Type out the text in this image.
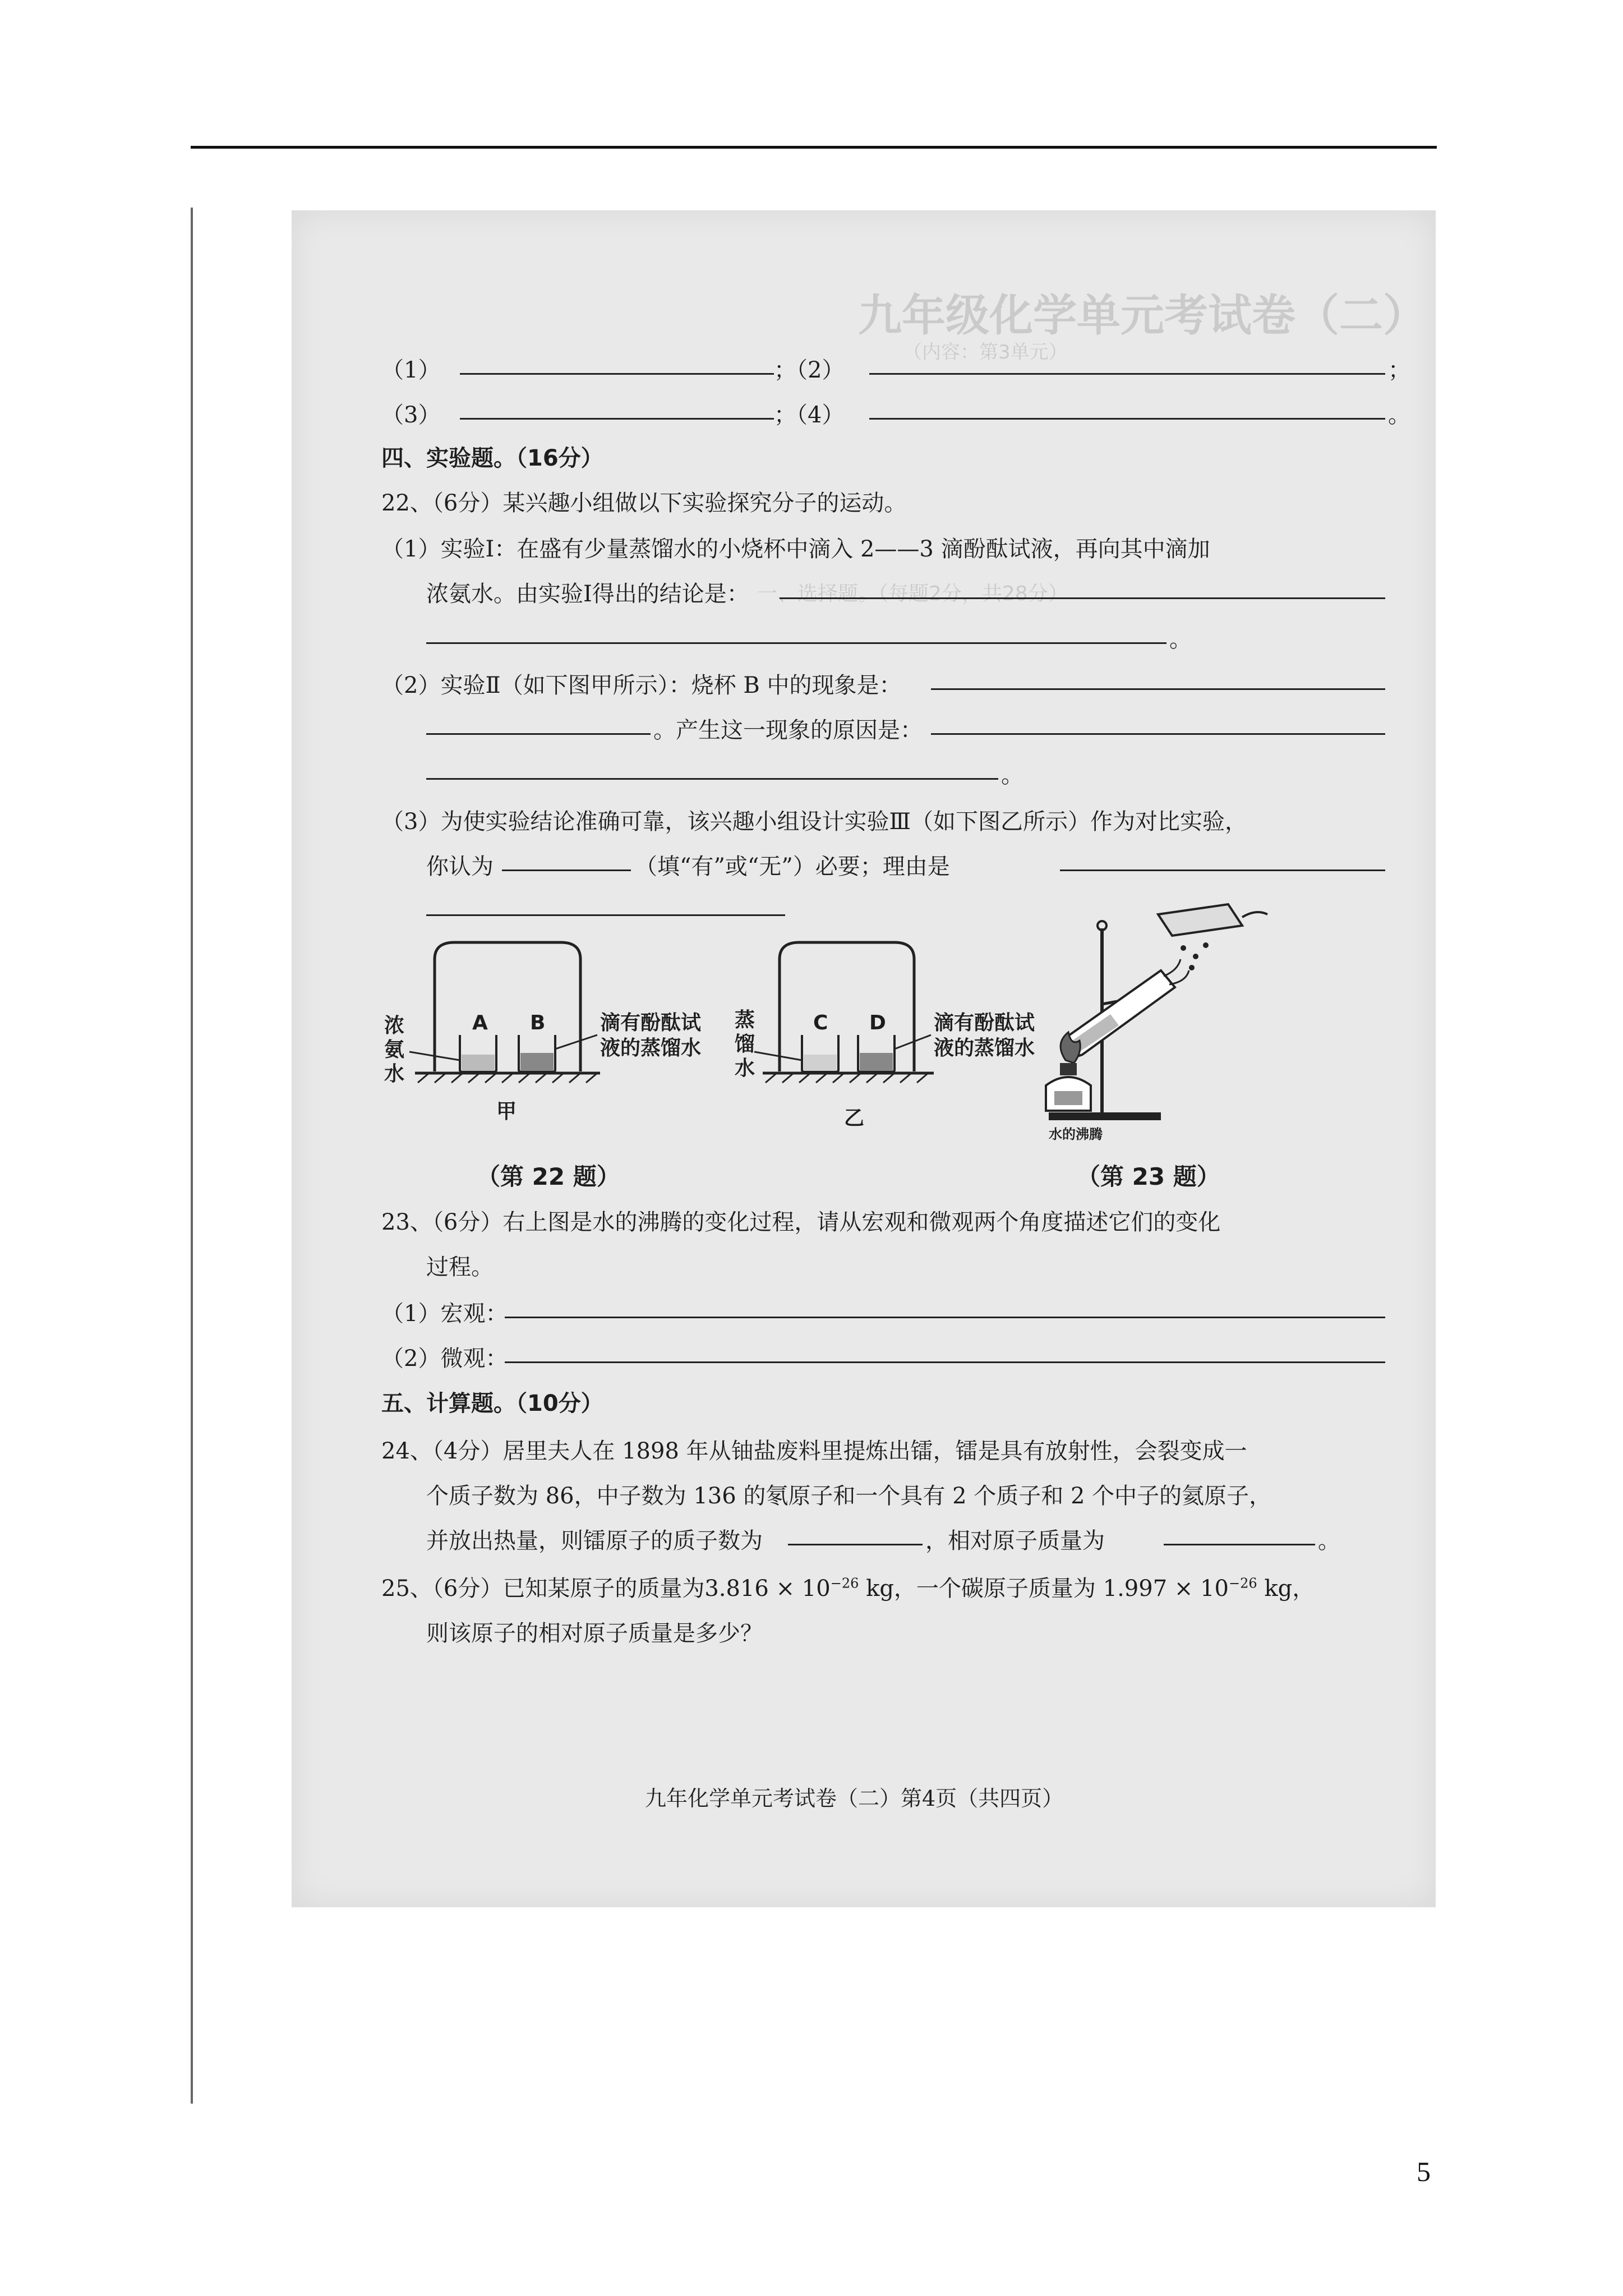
九年级化学单元考试卷（二）
（内容：第3单元）
一、选择题。（每题2分，共28分）
（1）	；（2）	；
（3）	；（4）	。
四、实验题。（16分）
22、（6分）某兴趣小组做以下实验探究分子的运动。
（1）实验Ⅰ：在盛有少量蒸馏水的小烧杯中滴入 2——3 滴酚酞试液，再向其中滴加
浓氨水。由实验Ⅰ得出的结论是：
。
（2）实验Ⅱ（如下图甲所示）：烧杯 B 中的现象是：
。产生这一现象的原因是：
。
（3）为使实验结论准确可靠，该兴趣小组设计实验Ⅲ（如下图乙所示）作为对比实验，
你认为	（填“有”或“无”）必要；理由是
A B
浓
氨
水
滴有酚酞试
液的蒸馏水
甲
C D
蒸
馏
水
滴有酚酞试
液的蒸馏水
乙
水的沸腾
（第 22 题）	（第 23 题）
23、（6分）右上图是水的沸腾的变化过程，请从宏观和微观两个角度描述它们的变化
过程。
（1）宏观：
（2）微观：
五、计算题。（10分）
24、（4分）居里夫人在 1898 年从铀盐废料里提炼出镭，镭是具有放射性，会裂变成一
个质子数为 86，中子数为 136 的氡原子和一个具有 2 个质子和 2 个中子的氦原子，
并放出热量，则镭原子的质子数为	，相对原子质量为	。
25、（6分）已知某原子的质量为$3.816 \times 10^{-26}$ kg，一个碳原子质量为 $1.997 \times 10^{-26}$ kg，
则该原子的相对原子质量是多少？
九年化学单元考试卷（二）第4页（共四页）
5
